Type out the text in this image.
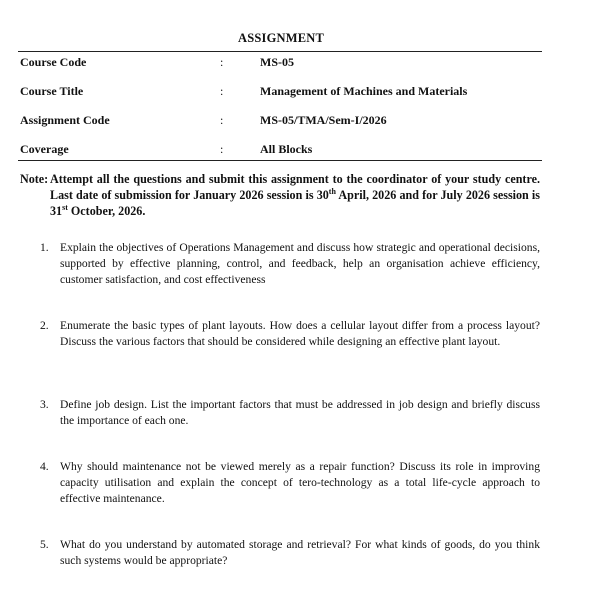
ASSIGNMENT
Course Code	:	MS-05
Course Title	:	Management of Machines and Materials
Assignment Code	:	MS-05/TMA/Sem-I/2026
Coverage	:	All Blocks
Note: Attempt all the questions and submit this assignment to the coordinator of your study centre. Last date of submission for January 2026 session is 30th April, 2026 and for July 2026 session is 31st October, 2026.
1. Explain the objectives of Operations Management and discuss how strategic and operational decisions, supported by effective planning, control, and feedback, help an organisation achieve efficiency, customer satisfaction, and cost effectiveness
2. Enumerate the basic types of plant layouts. How does a cellular layout differ from a process layout? Discuss the various factors that should be considered while designing an effective plant layout.
3. Define job design. List the important factors that must be addressed in job design and briefly discuss the importance of each one.
4. Why should maintenance not be viewed merely as a repair function? Discuss its role in improving capacity utilisation and explain the concept of tero-technology as a total life-cycle approach to effective maintenance.
5. What do you understand by automated storage and retrieval? For what kinds of goods, do you think such systems would be appropriate?
